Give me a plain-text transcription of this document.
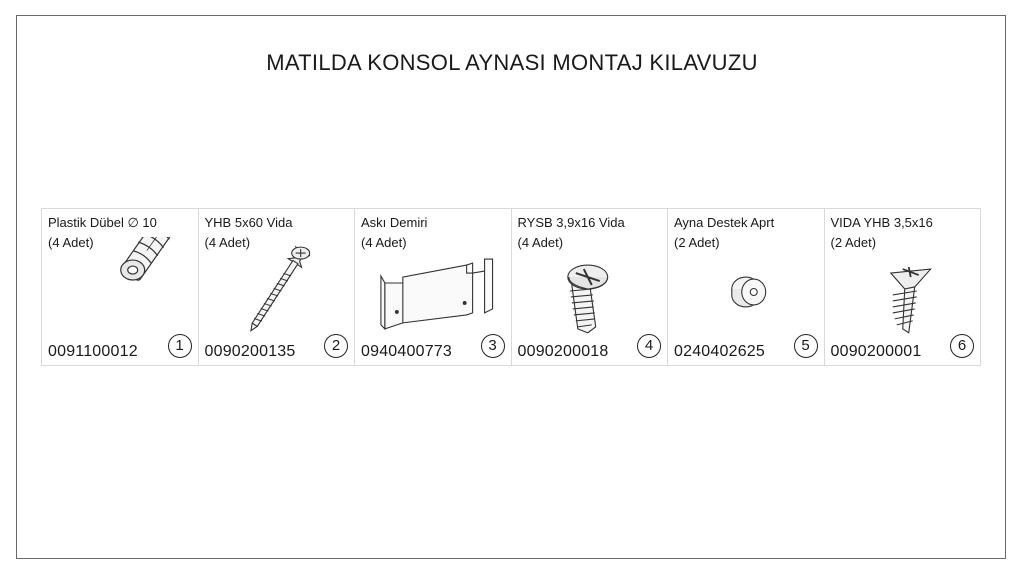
MATILDA KONSOL AYNASI MONTAJ KILAVUZU
Plastik Dübel ∅ 10
(4 Adet)
0091100012	1
YHB 5x60 Vida
(4 Adet)
0090200135	2
Askı Demiri
(4 Adet)
0940400773	3
RYSB 3,9x16 Vida
(4 Adet)
0090200018	4
Ayna Destek Aprt
(2 Adet)
0240402625	5
VIDA YHB 3,5x16
(2 Adet)
0090200001	6
